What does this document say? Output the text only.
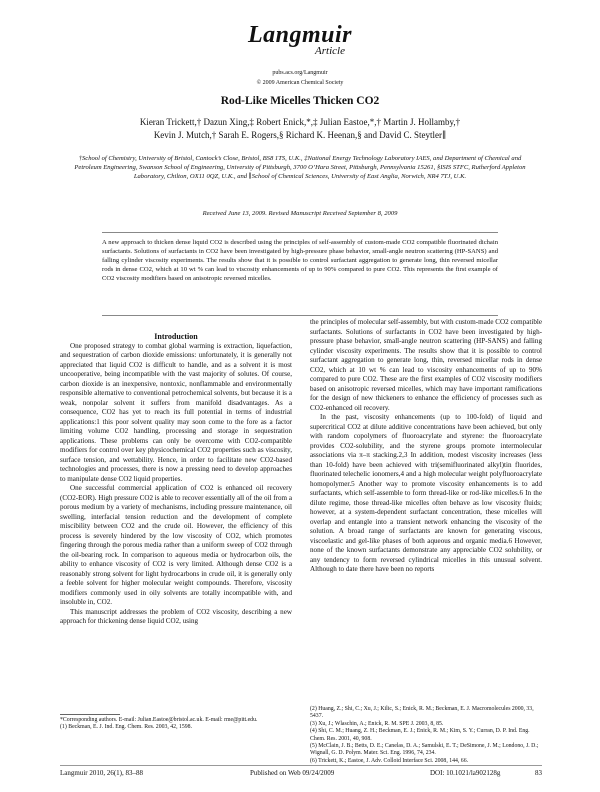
Langmuir
Article
pubs.acs.org/Langmuir
© 2009 American Chemical Society
Rod-Like Micelles Thicken CO2
Kieran Trickett,† Dazun Xing,‡ Robert Enick,*,‡ Julian Eastoe,*,† Martin J. Hollamby,†
Kevin J. Mutch,† Sarah E. Rogers,§ Richard K. Heenan,§ and David C. Steytler∥
†School of Chemistry, University of Bristol, Cantock’s Close, Bristol, BS8 1TS, U.K., ‡National Energy Technology Laboratory IAES, and Department of Chemical and Petroleum Engineering, Swanson School of Engineering, University of Pittsburgh, 3700 O’Hara Street, Pittsburgh, Pennsylvania 15261, §ISIS STFC, Rutherford Appleton Laboratory, Chilton, OX11 0QZ, U.K., and ∥School of Chemical Sciences, University of East Anglia, Norwich, NR4 7TJ, U.K.
Received June 13, 2009. Revised Manuscript Received September 8, 2009
A new approach to thicken dense liquid CO2 is described using the principles of self-assembly of custom-made CO2 compatible fluorinated dichain surfactants. Solutions of surfactants in CO2 have been investigated by high-pressure phase behavior, small-angle neutron scattering (HP-SANS) and falling cylinder viscosity experiments. The results show that it is possible to control surfactant aggregation to generate long, thin reversed micellar rods in dense CO2, which at 10 wt % can lead to viscosity enhancements of up to 90% compared to pure CO2. This represents the first example of CO2 viscosity modifiers based on anisotropic reversed micelles.

Introduction

One proposed strategy to combat global warming is extraction, liquefaction, and sequestration of carbon dioxide emissions: unfortunately, it is generally not appreciated that liquid CO2 is difficult to handle, and as a solvent it is most uncooperative, being incompatible with the vast majority of solutes. Of course, carbon dioxide is an inexpensive, nontoxic, nonflammable and environmentally responsible alternative to conventional petrochemical solvents, but because it is a weak, nonpolar solvent it suffers from manifold disadvantages. As a consequence, CO2 has yet to reach its full potential in terms of industrial applications:1 this poor solvent quality may soon come to the fore as a factor limiting volume CO2 handling, processing and storage in sequestration applications. These problems can only be overcome with CO2-compatible modifiers for control over key physicochemical CO2 properties such as viscosity, surface tension, and wettability. Hence, in order to facilitate new CO2-based technologies and processes, there is now a pressing need to develop approaches to manipulate dense CO2 liquid properties.

One successful commercial application of CO2 is enhanced oil recovery (CO2-EOR). High pressure CO2 is able to recover essentially all of the oil from a porous medium by a variety of mechanisms, including pressure maintenance, oil swelling, interfacial tension reduction and the development of complete miscibility between CO2 and the crude oil. However, the efficiency of this process is severely hindered by the low viscosity of CO2, which promotes fingering through the porous media rather than a uniform sweep of CO2 through the oil-bearing rock. In comparison to aqueous media or hydrocarbon oils, the ability to enhance viscosity of CO2 is very limited. Although dense CO2 is a reasonably strong solvent for light hydrocarbons in crude oil, it is generally only a feeble solvent for higher molecular weight compounds. Therefore, viscosity modifiers commonly used in oily solvents are totally incompatible with, and insoluble in, CO2.

This manuscript addresses the problem of CO2 viscosity, describing a new approach for thickening dense liquid CO2, using

the principles of molecular self-assembly, but with custom-made CO2 compatible surfactants. Solutions of surfactants in CO2 have been investigated by high-pressure phase behavior, small-angle neutron scattering (HP-SANS) and falling cylinder viscosity experiments. The results show that it is possible to control surfactant aggregation to generate long, thin, reversed micellar rods in dense CO2, which at 10 wt % can lead to viscosity enhancements of up to 90% compared to pure CO2. These are the first examples of CO2 viscosity modifiers based on anisotropic reversed micelles, which may have important ramifications for the design of new thickeners to enhance the efficiency of processes such as CO2-enhanced oil recovery.

In the past, viscosity enhancements (up to 100-fold) of liquid and supercritical CO2 at dilute additive concentrations have been achieved, but only with random copolymers of fluoroacrylate and styrene: the fluoroacrylate provides CO2-solubility, and the styrene groups promote intermolecular associations via π–π stacking.2,3 In addition, modest viscosity increases (less than 10-fold) have been achieved with tri(semifluorinated alkyl)tin fluorides, fluorinated telechelic ionomers,4 and a high molecular weight polyfluoroacrylate homopolymer.5 Another way to promote viscosity enhancements is to add surfactants, which self-assemble to form thread-like or rod-like micelles.6 In the dilute regime, those thread-like micelles often behave as low viscosity fluids; however, at a system-dependent surfactant concentration, these micelles will overlap and entangle into a transient network enhancing the viscosity of the solution. A broad range of surfactants are known for generating viscous, viscoelastic and gel-like phases of both aqueous and organic media.6 However, none of the known surfactants demonstrate any appreciable CO2 solubility, or any tendency to form reversed cylindrical micelles in this unusual solvent. Although to date there have been no reports

*Corresponding authors. E-mail: Julian.Eastoe@bristol.ac.uk. E-mail: rme@pitt.edu.
(1) Beckman, E. J. Ind. Eng. Chem. Res. 2003, 42, 1598.
(2) Huang, Z.; Shi, C.; Xu, J.; Kilic, S.; Enick, R. M.; Beckman, E. J. Macromolecules 2000, 33, 5437.
(3) Xu, J.; Wlaschin, A.; Enick, R. M. SPE J. 2003, 8, 85.
(4) Shi, C. M.; Huang, Z. H.; Beckman, E. J.; Enick, R. M.; Kim, S. Y.; Curran, D. P. Ind. Eng. Chem. Res. 2001, 40, 908.
(5) McClain, J. B.; Betts, D. E.; Canelas, D. A.; Samulski, E. T.; DeSimone, J. M.; Londono, J. D.; Wignall, G. D. Polym. Mater. Sci. Eng. 1996, 74, 234.
(6) Trickett, K.; Eastoe, J. Adv. Colloid Interface Sci. 2008, 144, 66.
Langmuir 2010, 26(1), 83–88	Published on Web 09/24/2009	DOI: 10.1021/la902128g	83
